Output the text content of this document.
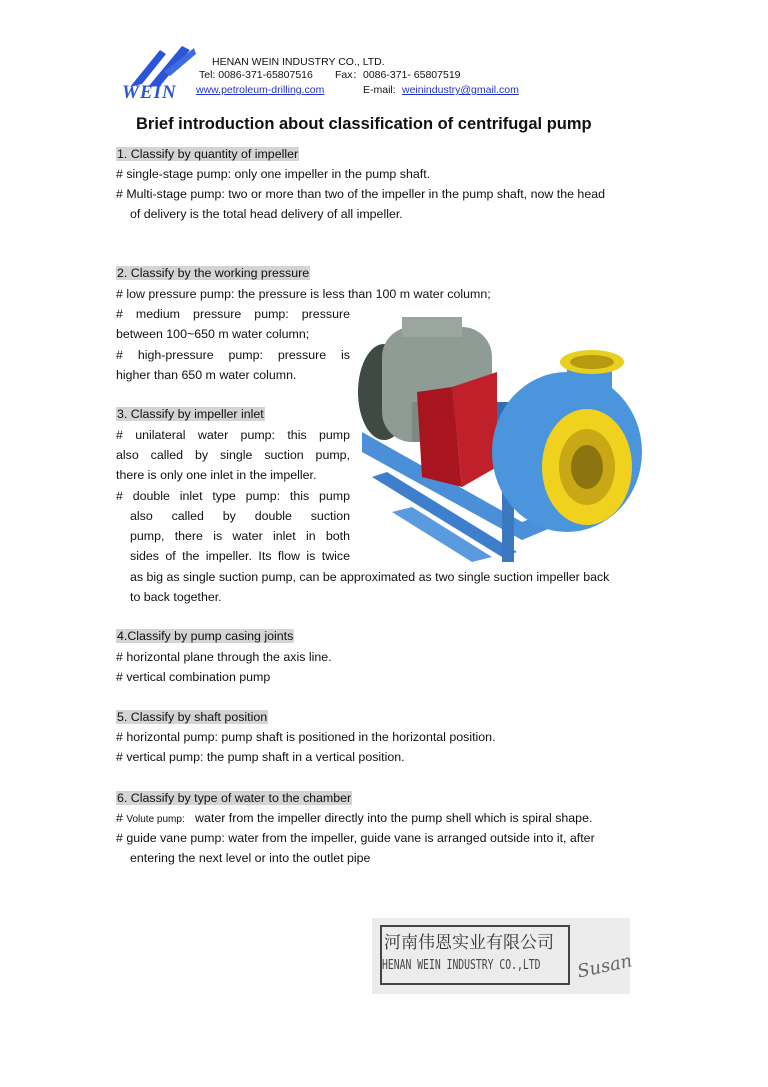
WEIN
HENAN WEIN INDUSTRY CO., LTD.
Tel: 0086-371-65807516 Fax：0086-371- 65807519
www.petroleum-drilling.com	E-mail: weinindustry@gmail.com
Brief introduction about classification of centrifugal pump
1. Classify by quantity of impeller
# single-stage pump: only one impeller in the pump shaft.
# Multi-stage pump: two or more than two of the impeller in the pump shaft, now the head
of delivery is the total head delivery of all impeller.
2. Classify by the working pressure
# low pressure pump: the pressure is less than 100 m water column;
# medium pressure pump: pressure
between 100~650 m water column;
# high-pressure pump: pressure is
higher than 650 m water column.
3. Classify by impeller inlet
# unilateral water pump: this pump
also called by single suction pump,
there is only one inlet in the impeller.
# double inlet type pump: this pump
also called by double suction
pump, there is water inlet in both
sides of the impeller. Its flow is twice
as big as single suction pump, can be approximated as two single suction impeller back
to back together.
4.Classify by pump casing joints
# horizontal plane through the axis line.
# vertical combination pump
5. Classify by shaft position
# horizontal pump: pump shaft is positioned in the horizontal position.
# vertical pump: the pump shaft in a vertical position.
6. Classify by type of water to the chamber
# Volute pump: water from the impeller directly into the pump shell which is spiral shape.
# guide vane pump: water from the impeller, guide vane is arranged outside into it, after
entering the next level or into the outlet pipe
河南伟恩实业有限公司
HENAN WEIN INDUSTRY CO.,LTD Susan
